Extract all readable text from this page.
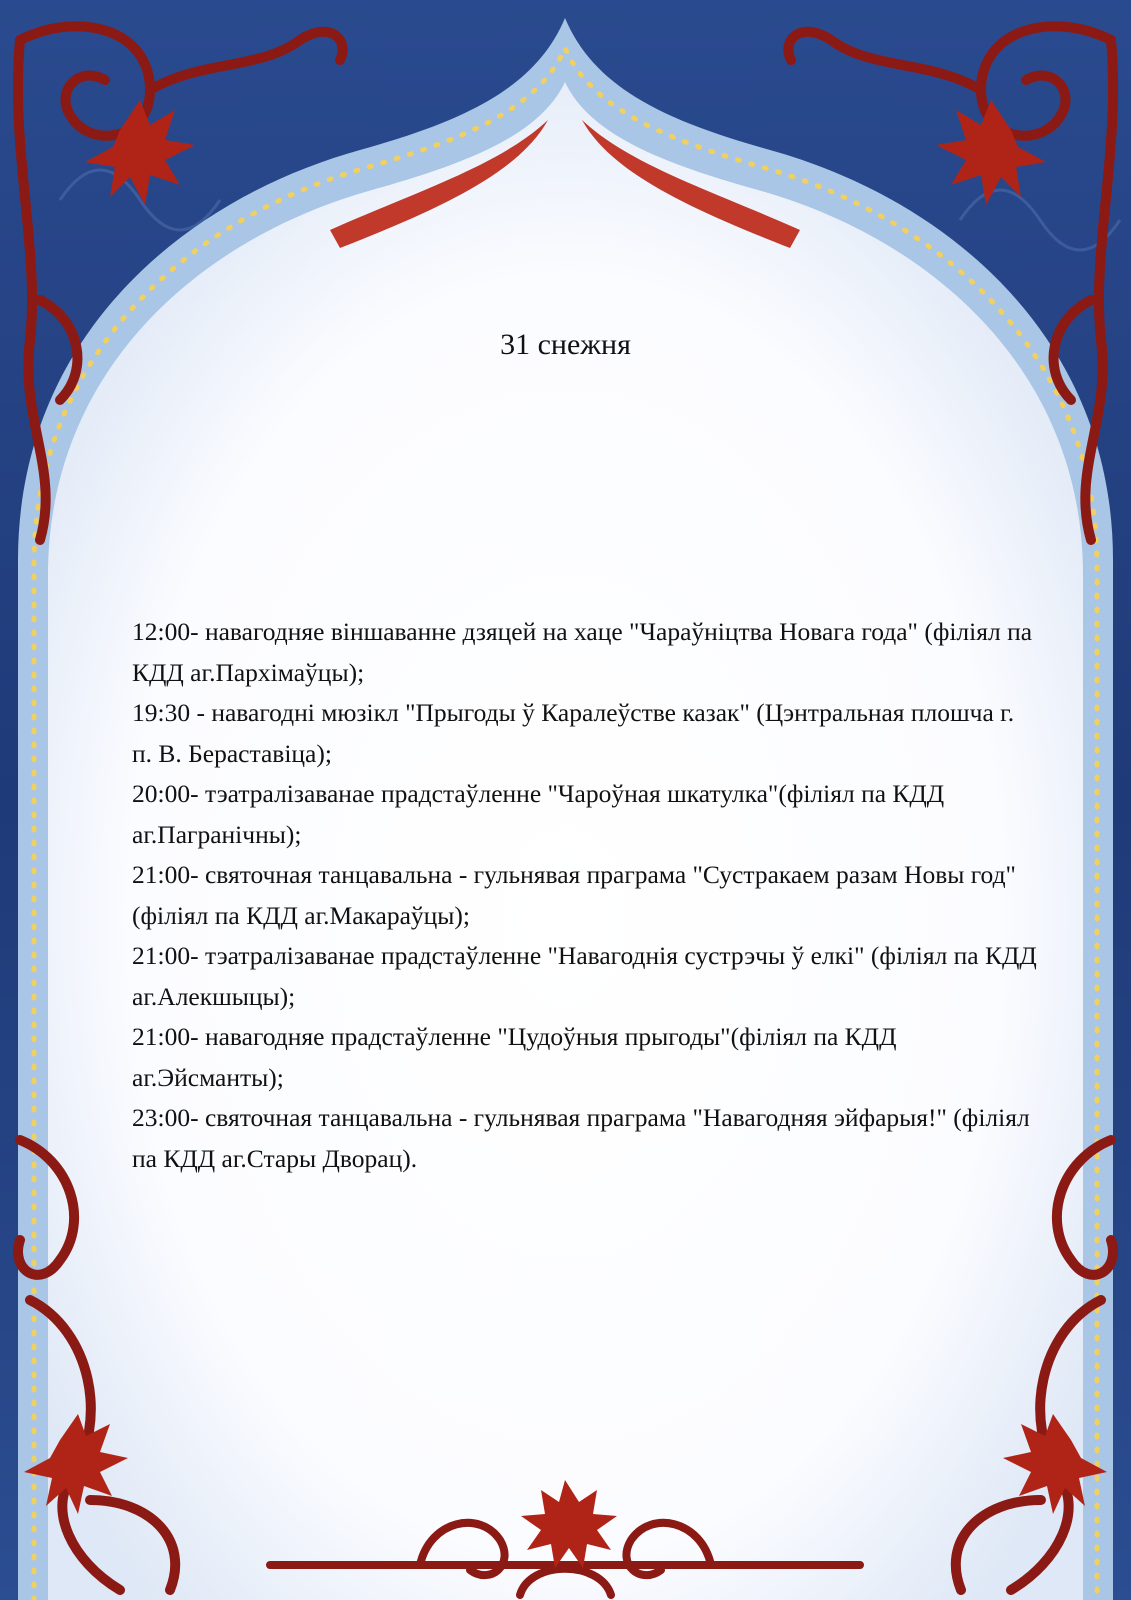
31 снежня
12:00- навагодняе віншаванне дзяцей на хаце "Чараўніцтва Новага года" (філіял па КДД аг.Пархімаўцы);
19:30 - навагодні мюзікл "Прыгоды ў Каралеўстве казак" (Цэнтральная плошча г. п. В. Бераставіца);
20:00- тэатралізаванае прадстаўленне "Чароўная шкатулка"(філіял па КДД аг.Пагранічны);
21:00- святочная танцавальна - гульнявая праграма "Сустракаем разам Новы год"(філіял па КДД аг.Макараўцы);
21:00- тэатралізаванае прадстаўленне "Навагоднія сустрэчы ў елкі" (філіял па КДД аг.Алекшыцы);
21:00- навагодняе прадстаўленне "Цудоўныя прыгоды"(філіял па КДД аг.Эйсманты);
23:00- святочная танцавальна - гульнявая праграма "Навагодняя эйфарыя!" (філіял па КДД аг.Стары Дворац).
